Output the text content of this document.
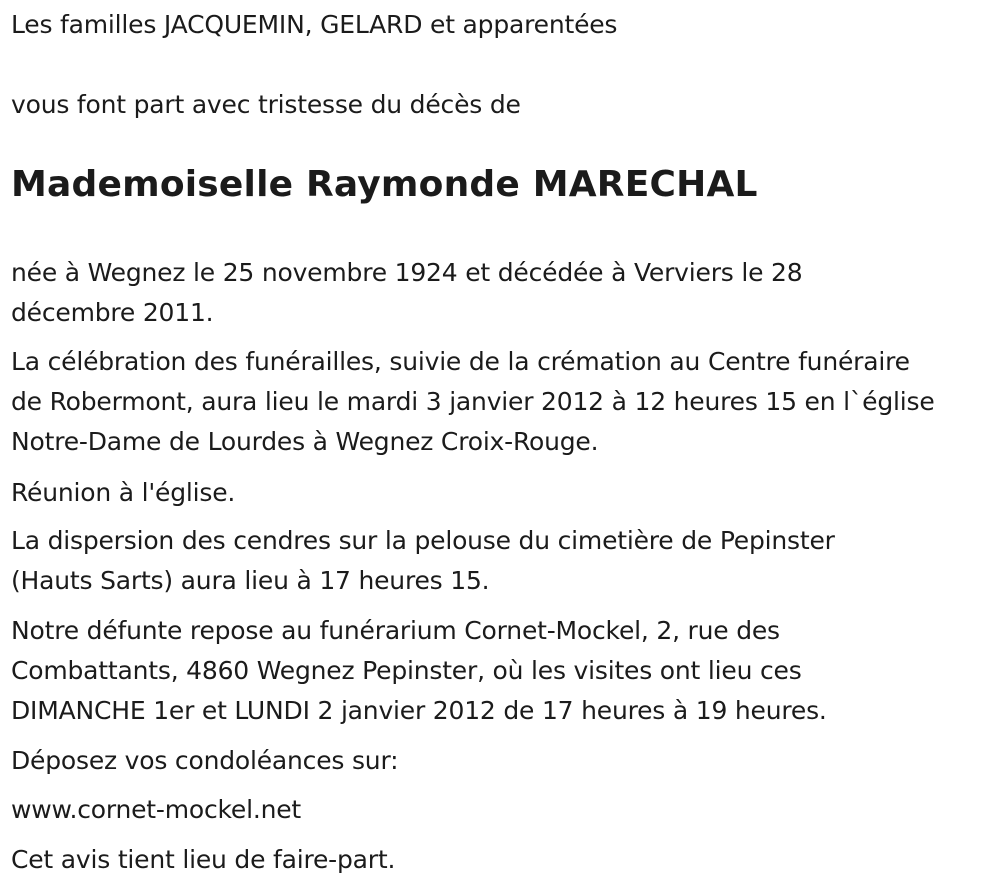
Les familles JACQUEMIN, GELARD et apparentées

vous font part avec tristesse du décès de

Mademoiselle Raymonde MARECHAL

née à Wegnez le 25 novembre 1924 et décédée à Verviers le 28

décembre 2011.

La célébration des funérailles, suivie de la crémation au Centre funéraire

de Robermont, aura lieu le mardi 3 janvier 2012 à 12 heures 15 en l`église

Notre-Dame de Lourdes à Wegnez Croix-Rouge.

Réunion à l'église.

La dispersion des cendres sur la pelouse du cimetière de Pepinster

(Hauts Sarts) aura lieu à 17 heures 15.

Notre défunte repose au funérarium Cornet-Mockel, 2, rue des

Combattants, 4860 Wegnez Pepinster, où les visites ont lieu ces

DIMANCHE 1er et LUNDI 2 janvier 2012 de 17 heures à 19 heures.

Déposez vos condoléances sur:

www.cornet-mockel.net

Cet avis tient lieu de faire-part.
